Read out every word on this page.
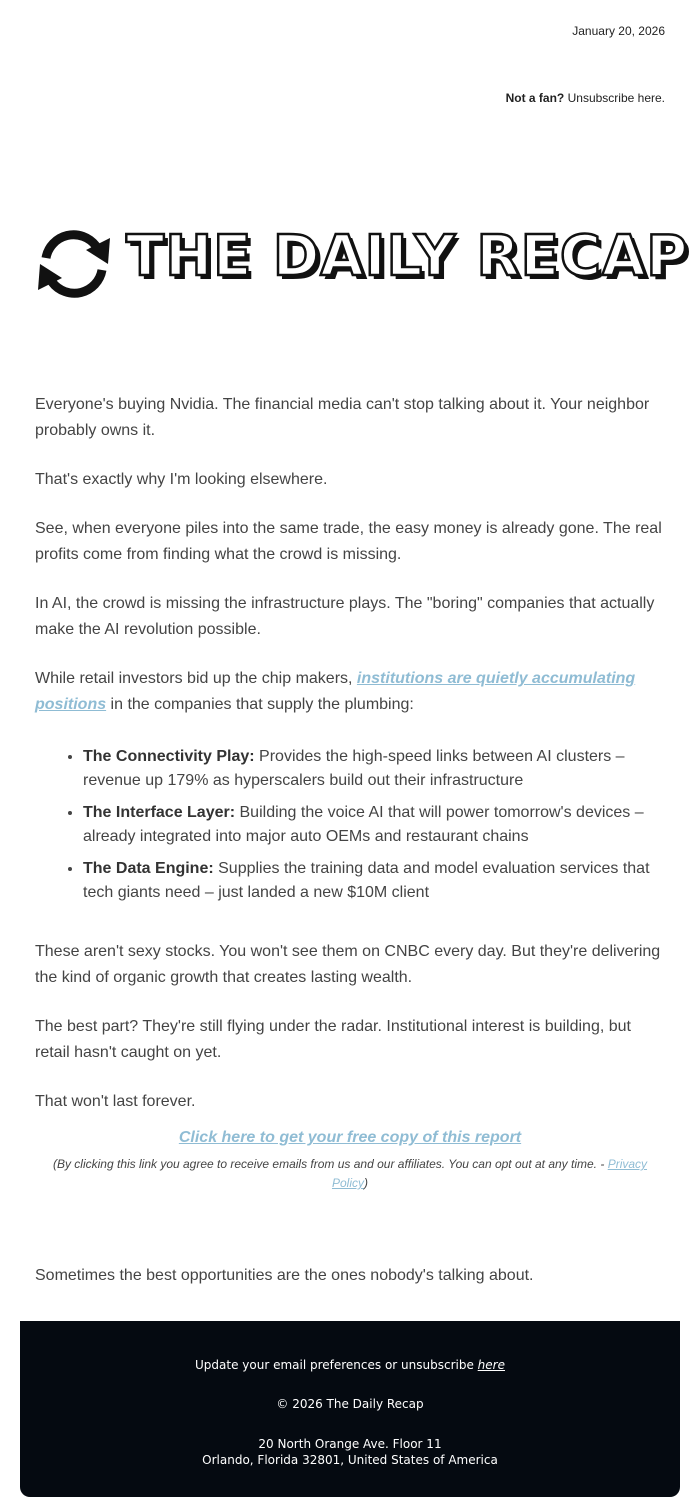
January 20, 2026
Not a fan? Unsubscribe here.
THE DAILY RECAP

Everyone's buying Nvidia. The financial media can't stop talking about it. Your neighbor probably owns it.

That's exactly why I'm looking elsewhere.

See, when everyone piles into the same trade, the easy money is already gone. The real profits come from finding what the crowd is missing.

In AI, the crowd is missing the infrastructure plays. The "boring" companies that actually make the AI revolution possible.

While retail investors bid up the chip makers, institutions are quietly accumulating positions in the companies that supply the plumbing:

• The Connectivity Play: Provides the high-speed links between AI clusters – revenue up 179% as hyperscalers build out their infrastructure
• The Interface Layer: Building the voice AI that will power tomorrow's devices – already integrated into major auto OEMs and restaurant chains
• The Data Engine: Supplies the training data and model evaluation services that tech giants need – just landed a new $10M client

These aren't sexy stocks. You won't see them on CNBC every day. But they're delivering the kind of organic growth that creates lasting wealth.

The best part? They're still flying under the radar. Institutional interest is building, but retail hasn't caught on yet.

That won't last forever.

Click here to get your free copy of this report
(By clicking this link you agree to receive emails from us and our affiliates. You can opt out at any time. - Privacy Policy)
Sometimes the best opportunities are the ones nobody's talking about.
Update your email preferences or unsubscribe here
© 2026 The Daily Recap
20 North Orange Ave. Floor 11
Orlando, Florida 32801, United States of America
